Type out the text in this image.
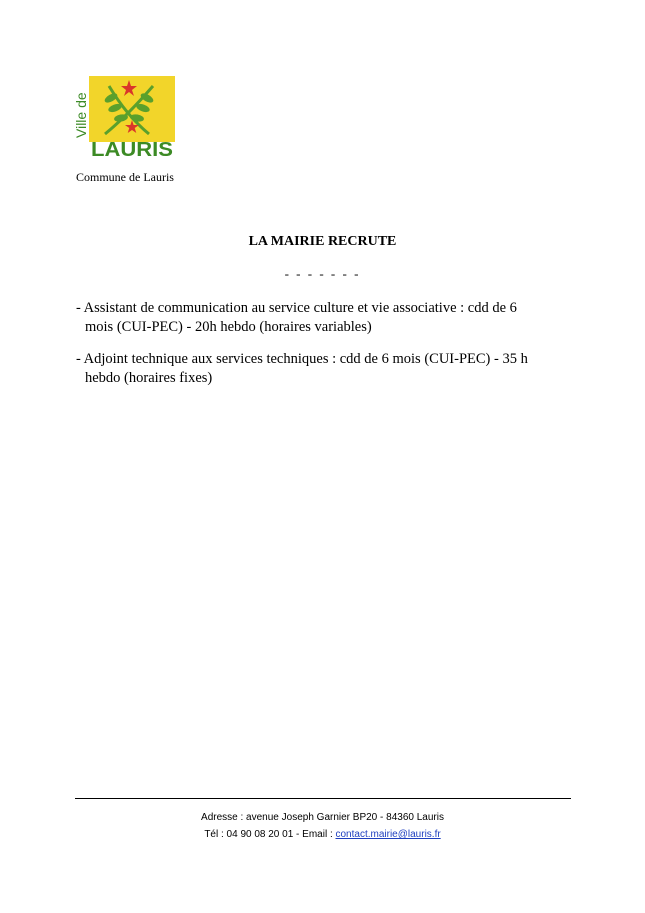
Ville de
LAURIS
Commune de Lauris
LA MAIRIE RECRUTE
- - - - - - -
- Assistant de communication au service culture et vie associative : cdd de 6
mois (CUI-PEC) - 20h hebdo (horaires variables)
- Adjoint technique aux services techniques : cdd de 6 mois (CUI-PEC) - 35 h
hebdo (horaires fixes)
Adresse : avenue Joseph Garnier BP20 - 84360 Lauris
Tél : 04 90 08 20 01 - Email : contact.mairie@lauris.fr
